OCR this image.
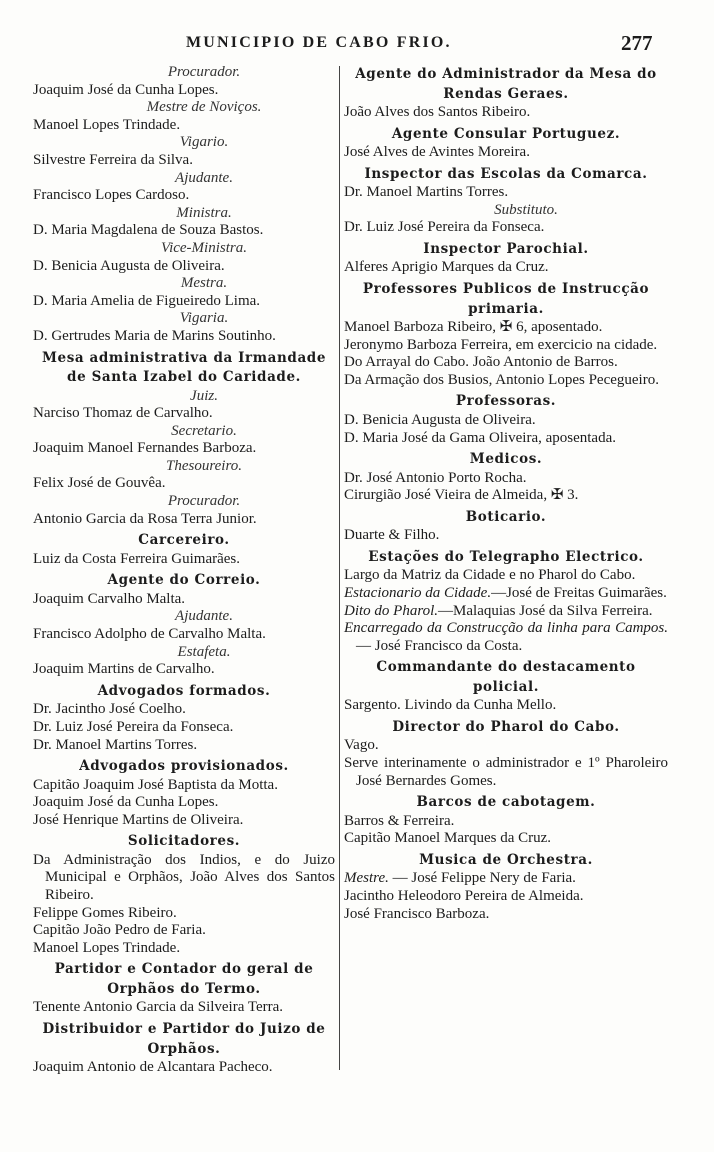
MUNICIPIO DE CABO FRIO.	277
Procurador.
Joaquim José da Cunha Lopes.
Mestre de Noviços.
Manoel Lopes Trindade.
Vigario.
Silvestre Ferreira da Silva.
Ajudante.
Francisco Lopes Cardoso.
Ministra.
D. Maria Magdalena de Souza Bastos.
Vice-Ministra.
D. Benicia Augusta de Oliveira.
Mestra.
D. Maria Amelia de Figueiredo Lima.
Vigaria.
D. Gertrudes Maria de Marins Soutinho.
Mesa administrativa da Irmandade de Santa Izabel do Caridade.
Juiz.
Narciso Thomaz de Carvalho.
Secretario.
Joaquim Manoel Fernandes Barboza.
Thesoureiro.
Felix José de Gouvêa.
Procurador.
Antonio Garcia da Rosa Terra Junior.
Carcereiro.
Luiz da Costa Ferreira Guimarães.
Agente do Correio.
Joaquim Carvalho Malta.
Ajudante.
Francisco Adolpho de Carvalho Malta.
Estafeta.
Joaquim Martins de Carvalho.
Advogados formados.
Dr. Jacintho José Coelho.
Dr. Luiz José Pereira da Fonseca.
Dr. Manoel Martins Torres.
Advogados provisionados.
Capitão Joaquim José Baptista da Motta.
Joaquim José da Cunha Lopes.
José Henrique Martins de Oliveira.
Solicitadores.
Da Administração dos Indios, e do Juizo Municipal e Orphãos, João Alves dos Santos Ribeiro.
Felippe Gomes Ribeiro.
Capitão João Pedro de Faria.
Manoel Lopes Trindade.
Partidor e Contador do geral de Orphãos do Termo.
Tenente Antonio Garcia da Silveira Terra.
Distribuidor e Partidor do Juizo de Orphãos.
Joaquim Antonio de Alcantara Pacheco.
Agente do Administrador da Mesa do Rendas Geraes.
João Alves dos Santos Ribeiro.
Agente Consular Portuguez.
José Alves de Avintes Moreira.
Inspector das Escolas da Comarca.
Dr. Manoel Martins Torres.
Substituto.
Dr. Luiz José Pereira da Fonseca.
Inspector Parochial.
Alferes Aprigio Marques da Cruz.
Professores Publicos de Instrucção primaria.
Manoel Barboza Ribeiro, ✠ 6, aposentado.
Jeronymo Barboza Ferreira, em exercicio na cidade.
Do Arrayal do Cabo. João Antonio de Barros.
Da Armação dos Busios, Antonio Lopes Pecegueiro.
Professoras.
D. Benicia Augusta de Oliveira.
D. Maria José da Gama Oliveira, aposentada.
Medicos.
Dr. José Antonio Porto Rocha.
Cirurgião José Vieira de Almeida, ✠ 3.
Boticario.
Duarte & Filho.
Estações do Telegrapho Electrico.
Largo da Matriz da Cidade e no Pharol do Cabo.
Estacionario da Cidade.—José de Freitas Guimarães.
Dito do Pharol.—Malaquias José da Silva Ferreira.
Encarregado da Construcção da linha para Campos. — José Francisco da Costa.
Commandante do destacamento policial.
Sargento. Livindo da Cunha Mello.
Director do Pharol do Cabo.
Vago.
Serve interinamente o administrador e 1º Pharoleiro José Bernardes Gomes.
Barcos de cabotagem.
Barros & Ferreira.
Capitão Manoel Marques da Cruz.
Musica de Orchestra.
Mestre. — José Felippe Nery de Faria.
Jacintho Heleodoro Pereira de Almeida.
José Francisco Barboza.
